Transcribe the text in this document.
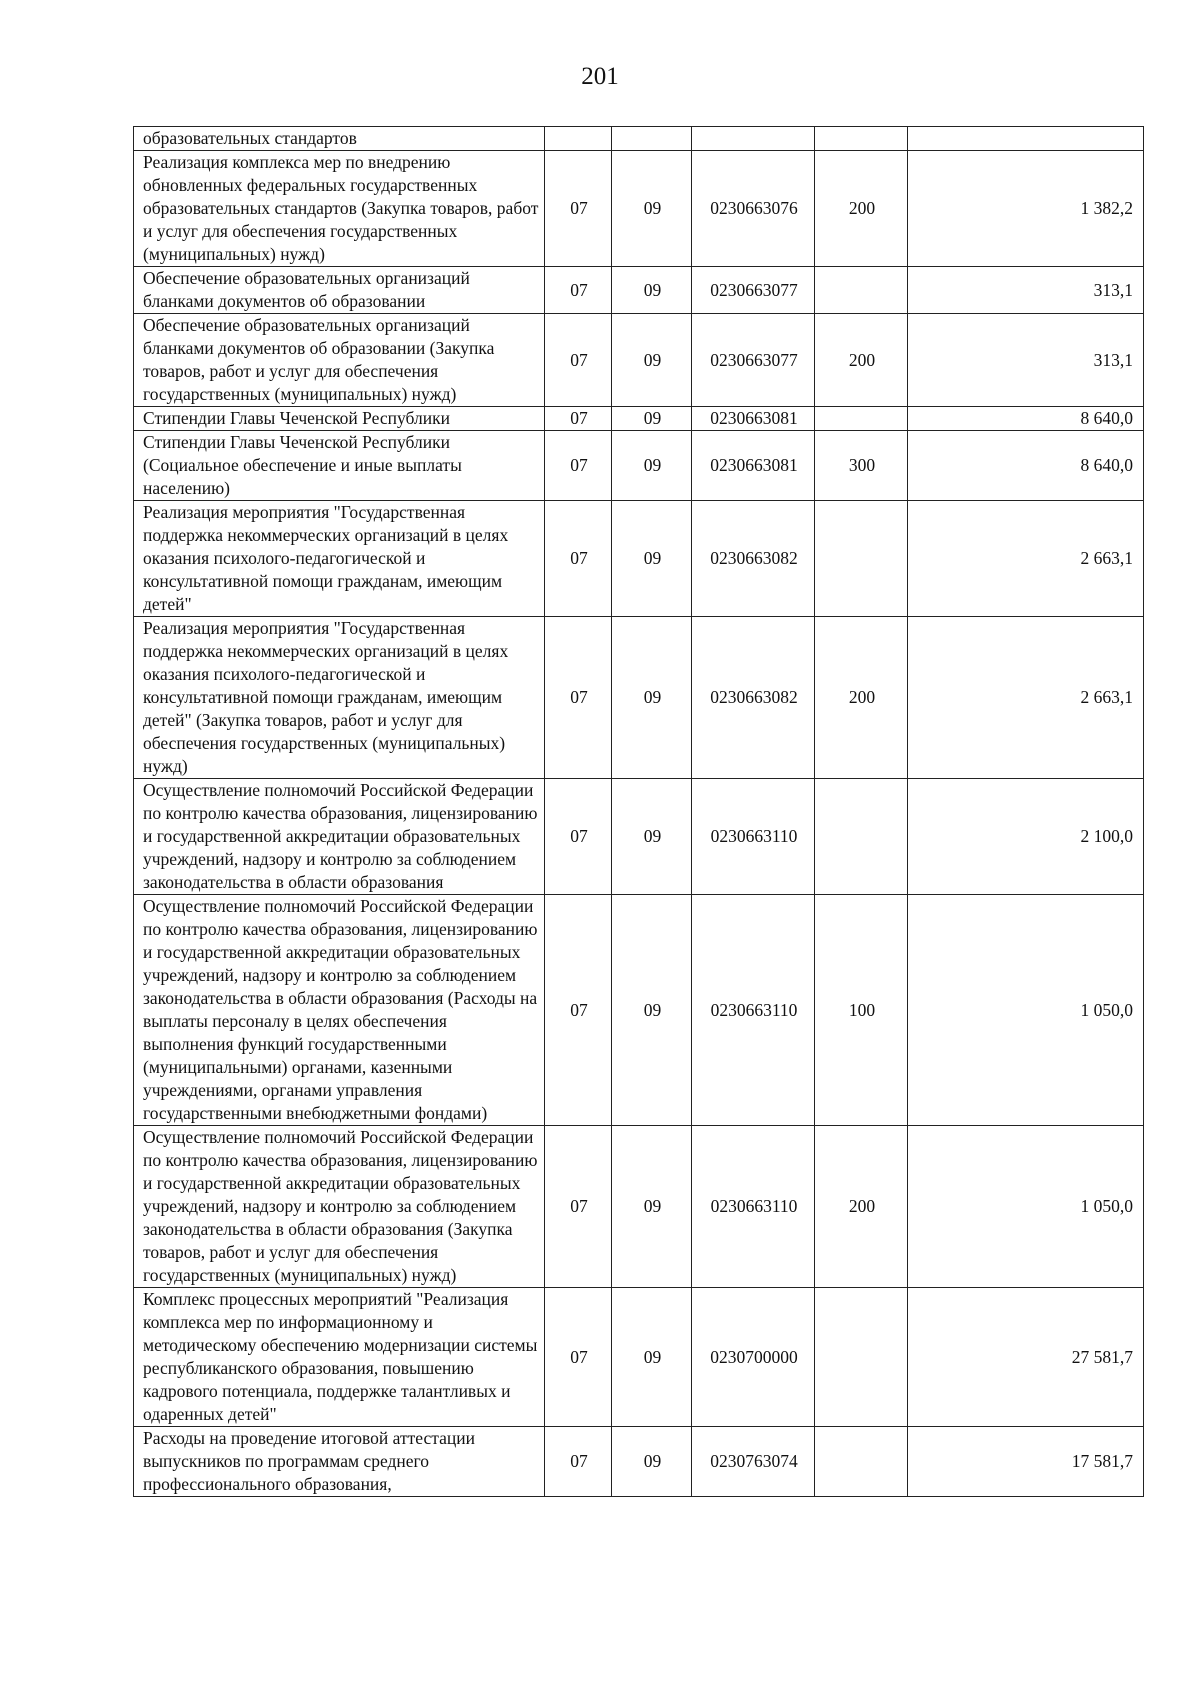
201
образовательных стандартов					
Реализация комплекса мер по внедрению обновленных федеральных государственных образовательных стандартов (Закупка товаров, работ и услуг для обеспечения государственных (муниципальных) нужд)	07	09	0230663076	200	1 382,2
Обеспечение образовательных организаций бланками документов об образовании	07	09	0230663077		313,1
Обеспечение образовательных организаций бланками документов об образовании (Закупка товаров, работ и услуг для обеспечения государственных (муниципальных) нужд)	07	09	0230663077	200	313,1
Стипендии Главы Чеченской Республики	07	09	0230663081		8 640,0
Стипендии Главы Чеченской Республики (Социальное обеспечение и иные выплаты населению)	07	09	0230663081	300	8 640,0
Реализация мероприятия "Государственная поддержка некоммерческих организаций в целях оказания психолого-педагогической и консультативной помощи гражданам, имеющим детей"	07	09	0230663082		2 663,1
Реализация мероприятия "Государственная поддержка некоммерческих организаций в целях оказания психолого-педагогической и консультативной помощи гражданам, имеющим детей" (Закупка товаров, работ и услуг для обеспечения государственных (муниципальных) нужд)	07	09	0230663082	200	2 663,1
Осуществление полномочий Российской Федерации по контролю качества образования, лицензированию и государственной аккредитации образовательных учреждений, надзору и контролю за соблюдением законодательства в области образования	07	09	0230663110		2 100,0
Осуществление полномочий Российской Федерации по контролю качества образования, лицензированию и государственной аккредитации образовательных учреждений, надзору и контролю за соблюдением законодательства в области образования (Расходы на выплаты персоналу в целях обеспечения выполнения функций государственными (муниципальными) органами, казенными учреждениями, органами управления государственными внебюджетными фондами)	07	09	0230663110	100	1 050,0
Осуществление полномочий Российской Федерации по контролю качества образования, лицензированию и государственной аккредитации образовательных учреждений, надзору и контролю за соблюдением законодательства в области образования (Закупка товаров, работ и услуг для обеспечения государственных (муниципальных) нужд)	07	09	0230663110	200	1 050,0
Комплекс процессных мероприятий "Реализация комплекса мер по информационному и методическому обеспечению модернизации системы республиканского образования, повышению кадрового потенциала, поддержке талантливых и одаренных детей"	07	09	0230700000		27 581,7
Расходы на проведение итоговой аттестации выпускников по программам среднего профессионального образования,	07	09	0230763074		17 581,7
